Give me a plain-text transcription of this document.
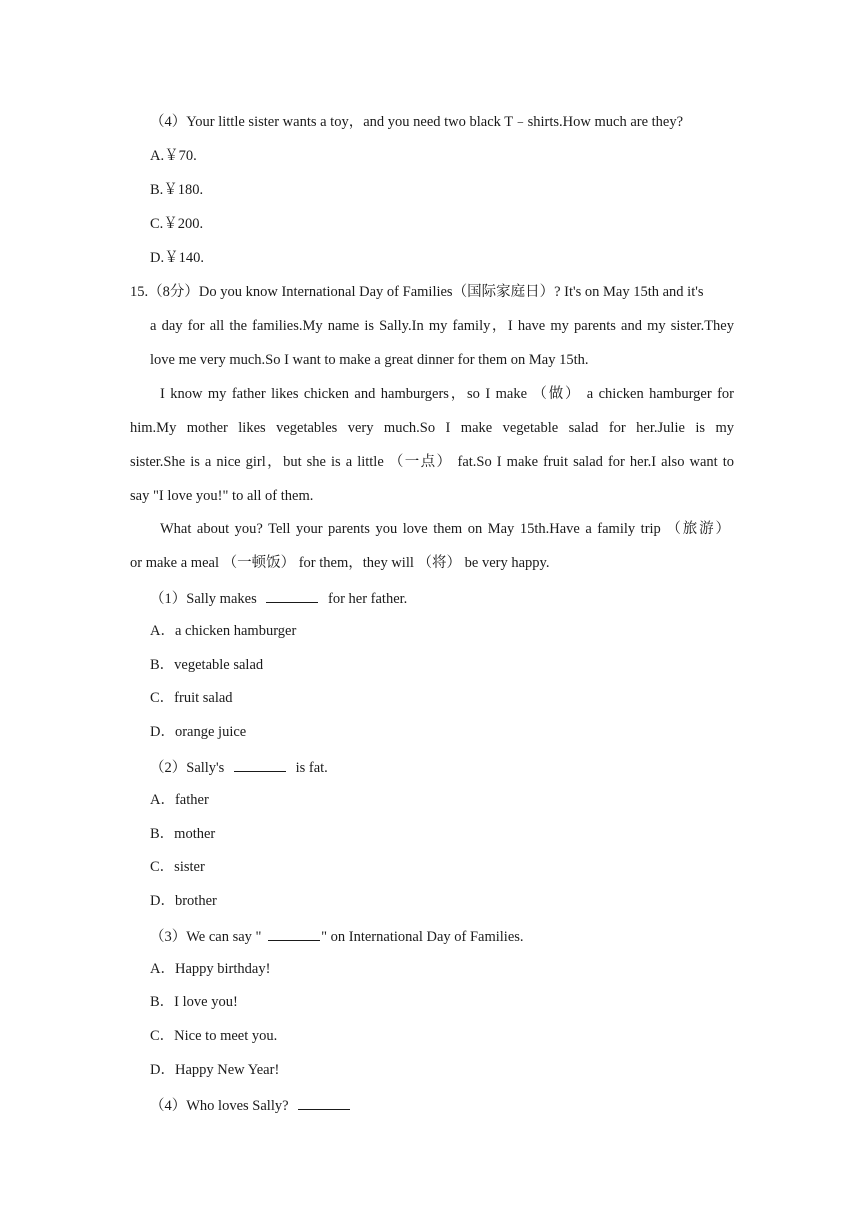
（4）Your little sister wants a toy，and you need two black T﹣shirts.How much are they?
A.￥70.
B.￥180.
C.￥200.
D.￥140.
15.（8分）Do you know International Day of Families（国际家庭日）? It's on May 15th and it's
a day for all the families.My name is Sally.In my family，I have my parents and my sister.They
love me very much.So I want to make a great dinner for them on May 15th.
I know my father likes chicken and hamburgers，so I make （做） a chicken hamburger for
him.My mother likes vegetables very much.So I make vegetable salad for her.Julie is my
sister.She is a nice girl，but she is a little （一点） fat.So I make fruit salad for her.I also want to
say "I love you!" to all of them.
What about you? Tell your parents you love them on May 15th.Have a family trip （旅游）
or make a meal （一顿饭） for them，they will （将） be very happy.
（1）Sally makes	for her father.
A．a chicken hamburger
B．vegetable salad
C．fruit salad
D．orange juice
（2）Sally's	is fat.
A．father
B．mother
C．sister
D．brother
（3）We can say "	" on International Day of Families.
A．Happy birthday!
B．I love you!
C．Nice to meet you.
D．Happy New Year!
（4）Who loves Sally?
